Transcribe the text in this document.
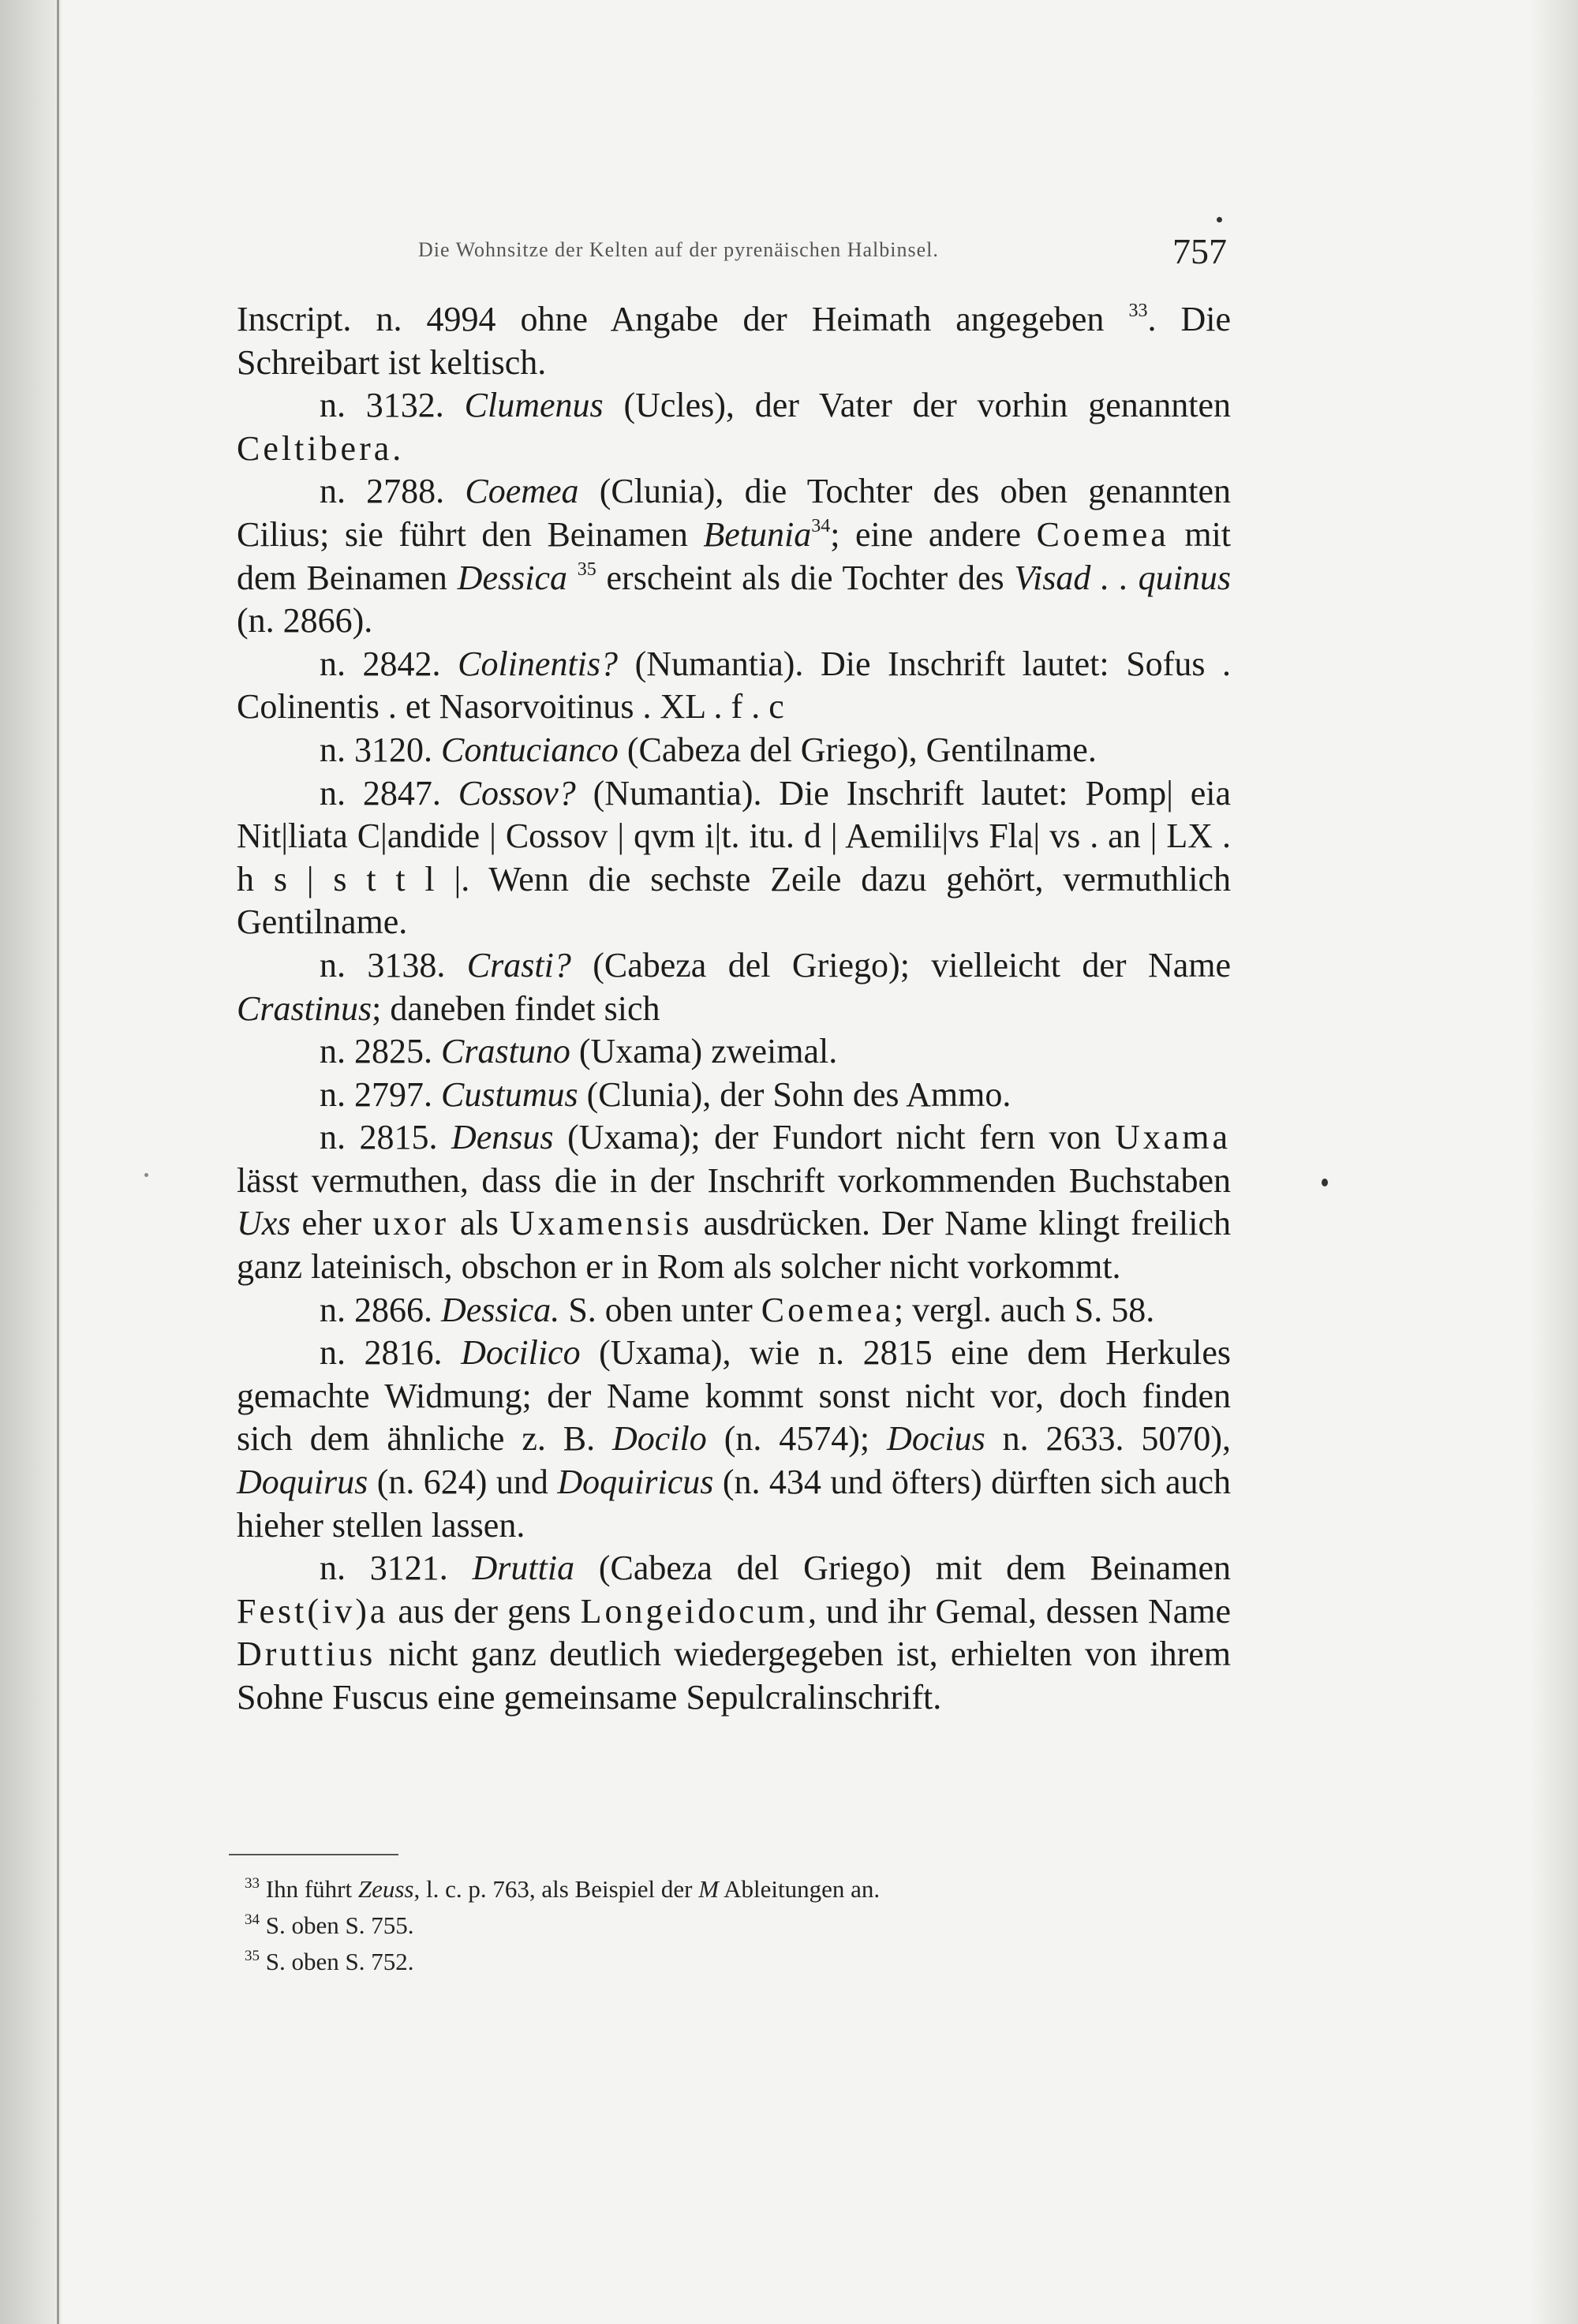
Die Wohnsitze der Kelten auf der pyrenäischen Halbinsel.	757

Inscript. n. 4994 ohne Angabe der Heimath angegeben $^{33}$. Die Schreibart ist keltisch.

n. 3132. Clumenus (Ucles), der Vater der vorhin genannten Celtibera.

n. 2788. Coemea (Clunia), die Tochter des oben genannten Cilius; sie führt den Beinamen Betunia$^{34}$; eine andere Coemea mit dem Beinamen Dessica $^{35}$ erscheint als die Tochter des Visad . . quinus (n. 2866).

n. 2842. Colinentis? (Numantia). Die Inschrift lautet: Sofus . Colinentis . et Nasorvoitinus . XL . f . c

n. 3120. Contucianco (Cabeza del Griego), Gentilname.

n. 2847. Cossov? (Numantia). Die Inschrift lautet: Pomp| eia Nit|liata C|andide | Cossov | qvm i|t. itu. d | Aemili|vs Fla| vs . an | LX . h s | s t t l |. Wenn die sechste Zeile dazu gehört, vermuthlich Gentilname.

n. 3138. Crasti? (Cabeza del Griego); vielleicht der Name Crastinus; daneben findet sich

n. 2825. Crastuno (Uxama) zweimal.

n. 2797. Custumus (Clunia), der Sohn des Ammo.

n. 2815. Densus (Uxama); der Fundort nicht fern von Uxama lässt vermuthen, dass die in der Inschrift vorkommenden Buchstaben Uxs eher uxor als Uxamensis ausdrücken. Der Name klingt freilich ganz lateinisch, obschon er in Rom als solcher nicht vorkommt.

n. 2866. Dessica. S. oben unter Coemea; vergl. auch S. 58.

n. 2816. Docilico (Uxama), wie n. 2815 eine dem Herkules gemachte Widmung; der Name kommt sonst nicht vor, doch finden sich dem ähnliche z. B. Docilo (n. 4574); Docius n. 2633. 5070), Doquirus (n. 624) und Doquiricus (n. 434 und öfters) dürften sich auch hieher stellen lassen.

n. 3121. Druttia (Cabeza del Griego) mit dem Beinamen Fest(iv)a aus der gens Longeidocum, und ihr Gemal, dessen Name Druttius nicht ganz deutlich wiedergegeben ist, erhielten von ihrem Sohne Fuscus eine gemeinsame Sepulcralinschrift.

$^{33}$ Ihn führt Zeuss, l. c. p. 763, als Beispiel der M Ableitungen an.

$^{34}$ S. oben S. 755.

$^{35}$ S. oben S. 752.
